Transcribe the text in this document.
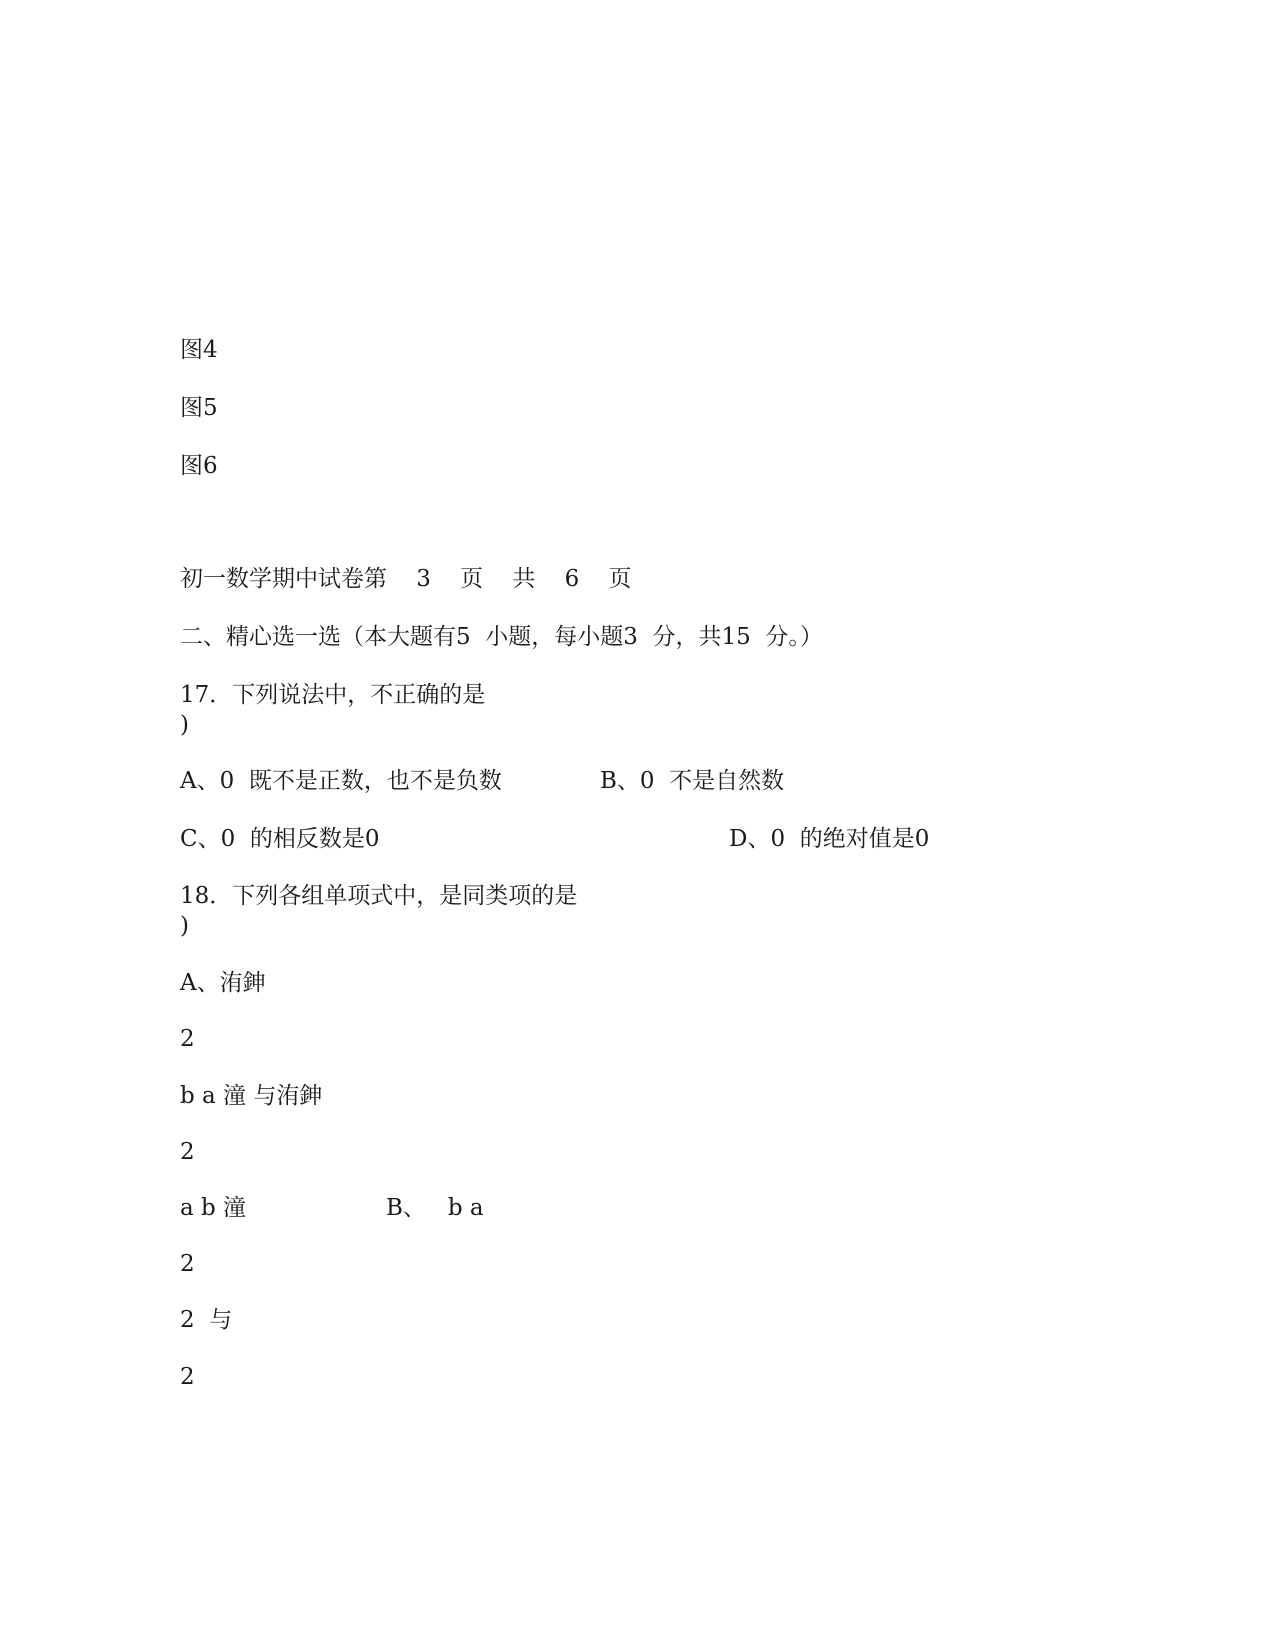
图4
图5
图6
初一数学期中试卷第    3    页    共    6    页
二、精心选一选（本大题有5  小题，每小题3  分，共15  分。）
17．下列说法中，不正确的是
)
A、0  既不是正数，也不是负数	B、0  不是自然数
C、0  的相反数是0	D、0  的绝对值是0
18．下列各组单项式中，是同类项的是
)
A、洧鉮
2
b a 潼 与洧鉮
2
a b 潼	B、   b a
2
2  与
2
